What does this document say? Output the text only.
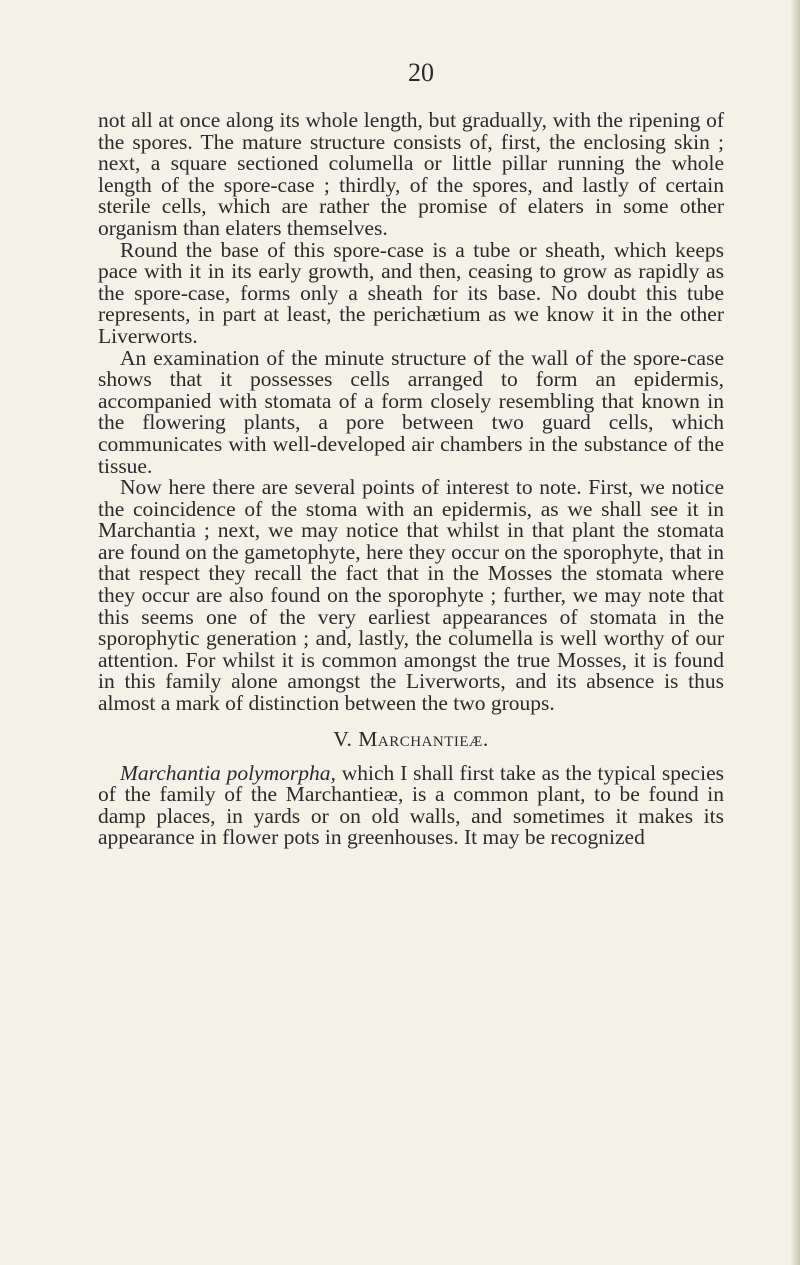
20

not all at once along its whole length, but gradually, with the ripening of the spores. The mature structure consists of, first, the enclosing skin ; next, a square sectioned columella or little pillar running the whole length of the spore-case ; thirdly, of the spores, and lastly of certain sterile cells, which are rather the promise of elaters in some other organism than elaters themselves.

Round the base of this spore-case is a tube or sheath, which keeps pace with it in its early growth, and then, ceasing to grow as rapidly as the spore-case, forms only a sheath for its base. No doubt this tube represents, in part at least, the perichætium as we know it in the other Liverworts.

An examination of the minute structure of the wall of the spore-case shows that it possesses cells arranged to form an epidermis, accompanied with stomata of a form closely resembling that known in the flowering plants, a pore between two guard cells, which communicates with well-developed air chambers in the substance of the tissue.

Now here there are several points of interest to note. First, we notice the coincidence of the stoma with an epidermis, as we shall see it in Marchantia ; next, we may notice that whilst in that plant the stomata are found on the gametophyte, here they occur on the sporophyte, that in that respect they recall the fact that in the Mosses the stomata where they occur are also found on the sporophyte ; further, we may note that this seems one of the very earliest appearances of stomata in the sporophytic generation ; and, lastly, the columella is well worthy of our attention. For whilst it is common amongst the true Mosses, it is found in this family alone amongst the Liverworts, and its absence is thus almost a mark of distinction between the two groups.

V. Marchantieæ.

Marchantia polymorpha, which I shall first take as the typical species of the family of the Marchantieæ, is a common plant, to be found in damp places, in yards or on old walls, and sometimes it makes its appearance in flower pots in greenhouses. It may be recognized
